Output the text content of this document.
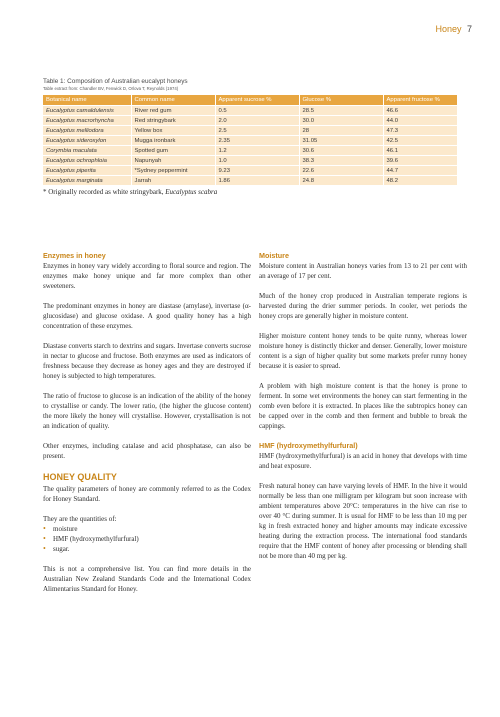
Honey 7
Table 1: Composition of Australian eucalypt honeys
Table extract from: Chandler BV, Fenwick D, Orlova T, Reynolds (1974)
Botanical name	Common name	Apparent sucrose %	Glucose %	Apparent fructose %
Eucalyptus camaldulensis	River red gum	0.5	28.5	46.6
Eucalyptus macrorhyncha	Red stringybark	2.0	30.0	44.0
Eucalyptus melliodora	Yellow box	2.5	28	47.3
Eucalyptus sideroxylon	Mugga ironbark	2.35	31.05	42.5
Corymbia maculata	Spotted gum	1.2	30.6	46.1
Eucalyptus ochrophloia	Napunyah	1.0	38.3	39.6
Eucalyptus piperita	*Sydney peppermint	9.23	22.6	44.7
Eucalyptus marginata	Jarrah	1.86	24.8	48.2
* Originally recorded as white stringybark, Eucalyptus scabra
Enzymes in honey

Enzymes in honey vary widely according to floral source and region. The enzymes make honey unique and far more complex than other sweeteners.

The predominant enzymes in honey are diastase (amylase), invertase (α-glucosidase) and glucose oxidase. A good quality honey has a high concentration of these enzymes.

Diastase converts starch to dextrins and sugars. Invertase converts sucrose in nectar to glucose and fructose. Both enzymes are used as indicators of freshness because they decrease as honey ages and they are destroyed if honey is subjected to high temperatures.

The ratio of fructose to glucose is an indication of the ability of the honey to crystallise or candy. The lower ratio, (the higher the glucose content) the more likely the honey will crystallise. However, crystallisation is not an indication of quality.

Other enzymes, including catalase and acid phosphatase, can also be present.

HONEY QUALITY

The quality parameters of honey are commonly referred to as the Codex for Honey Standard.

They are the quantities of:

• moisture
• HMF (hydroxymethylfurfural)
• sugar.

This is not a comprehensive list. You can find more details in the Australian New Zealand Standards Code and the International Codex Alimentarius Standard for Honey.

Moisture

Moisture content in Australian honeys varies from 13 to 21 per cent with an average of 17 per cent.

Much of the honey crop produced in Australian temperate regions is harvested during the drier summer periods. In cooler, wet periods the honey crops are generally higher in moisture content.

Higher moisture content honey tends to be quite runny, whereas lower moisture honey is distinctly thicker and denser. Generally, lower moisture content is a sign of higher quality but some markets prefer runny honey because it is easier to spread.

A problem with high moisture content is that the honey is prone to ferment. In some wet environments the honey can start fermenting in the comb even before it is extracted. In places like the subtropics honey can be capped over in the comb and then ferment and bubble to break the cappings.

HMF (hydroxymethylfurfural)

HMF (hydroxymethylfurfural) is an acid in honey that develops with time and heat exposure.

Fresh natural honey can have varying levels of HMF. In the hive it would normally be less than one milligram per kilogram but soon increase with ambient temperatures above 20°C: temperatures in the hive can rise to over 40 °C during summer. It is usual for HMF to be less than 10 mg per kg in fresh extracted honey and higher amounts may indicate excessive heating during the extraction process. The international food standards require that the HMF content of honey after processing or blending shall not be more than 40 mg per kg.
